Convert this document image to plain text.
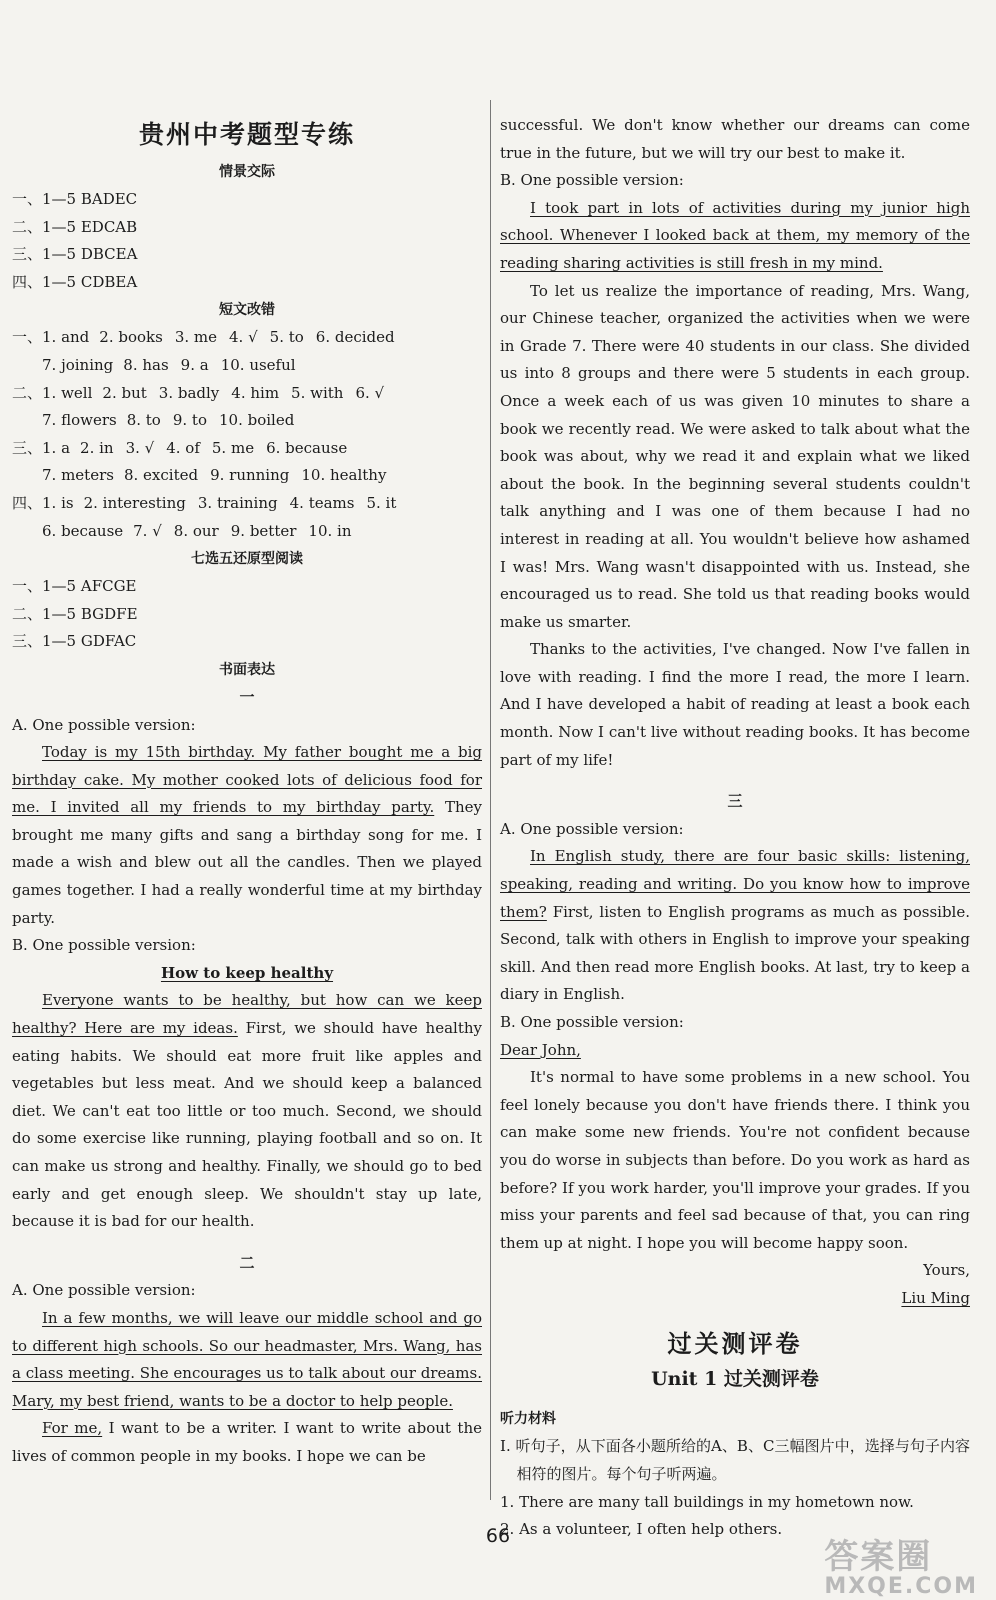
贵州中考题型专练

情景交际

一、1—5 BADEC

二、1—5 EDCAB

三、1—5 DBCEA

四、1—5 CDBEA

短文改错

一、1. and 2. books 3. me 4. √ 5. to 6. decided

7. joining 8. has 9. a 10. useful

二、1. well 2. but 3. badly 4. him 5. with 6. √

7. flowers 8. to 9. to 10. boiled

三、1. a 2. in 3. √ 4. of 5. me 6. because

7. meters 8. excited 9. running 10. healthy

四、1. is 2. interesting 3. training 4. teams 5. it

6. because 7. √ 8. our 9. better 10. in

七选五还原型阅读

一、1—5 AFCGE

二、1—5 BGDFE

三、1—5 GDFAC

书面表达

一

A. One possible version:

Today is my 15th birthday. My father bought me a big birthday cake. My mother cooked lots of delicious food for me. I invited all my friends to my birthday party. They brought me many gifts and sang a birthday song for me. I made a wish and blew out all the candles. Then we played games together. I had a really wonderful time at my birthday party.

B. One possible version:

How to keep healthy

Everyone wants to be healthy, but how can we keep healthy? Here are my ideas. First, we should have healthy eating habits. We should eat more fruit like apples and vegetables but less meat. And we should keep a balanced diet. We can't eat too little or too much. Second, we should do some exercise like running, playing football and so on. It can make us strong and healthy. Finally, we should go to bed early and get enough sleep. We shouldn't stay up late, because it is bad for our health.

二

A. One possible version:

In a few months, we will leave our middle school and go to different high schools. So our headmaster, Mrs. Wang, has a class meeting. She encourages us to talk about our dreams. Mary, my best friend, wants to be a doctor to help people.

For me, I want to be a writer. I want to write about the lives of common people in my books. I hope we can be

successful. We don't know whether our dreams can come true in the future, but we will try our best to make it.

B. One possible version:

I took part in lots of activities during my junior high school. Whenever I looked back at them, my memory of the reading sharing activities is still fresh in my mind.

To let us realize the importance of reading, Mrs. Wang, our Chinese teacher, organized the activities when we were in Grade 7. There were 40 students in our class. She divided us into 8 groups and there were 5 students in each group. Once a week each of us was given 10 minutes to share a book we recently read. We were asked to talk about what the book was about, why we read it and explain what we liked about the book. In the beginning several students couldn't talk anything and I was one of them because I had no interest in reading at all. You wouldn't believe how ashamed I was! Mrs. Wang wasn't disappointed with us. Instead, she encouraged us to read. She told us that reading books would make us smarter.

Thanks to the activities, I've changed. Now I've fallen in love with reading. I find the more I read, the more I learn. And I have developed a habit of reading at least a book each month. Now I can't live without reading books. It has become part of my life!

三

A. One possible version:

In English study, there are four basic skills: listening, speaking, reading and writing. Do you know how to improve them? First, listen to English programs as much as possible. Second, talk with others in English to improve your speaking skill. And then read more English books. At last, try to keep a diary in English.

B. One possible version:

Dear John,

It's normal to have some problems in a new school. You feel lonely because you don't have friends there. I think you can make some new friends. You're not confident because you do worse in subjects than before. Do you work as hard as before? If you work harder, you'll improve your grades. If you miss your parents and feel sad because of that, you can ring them up at night. I hope you will become happy soon.

Yours,

Liu Ming

过关测评卷

Unit 1 过关测评卷

听力材料

Ⅰ. 听句子，从下面各小题所给的A、B、C三幅图片中，选择与句子内容相符的图片。每个句子听两遍。

1. There are many tall buildings in my hometown now.

2. As a volunteer, I often help others.

66
答案圈
MXQE.COM
